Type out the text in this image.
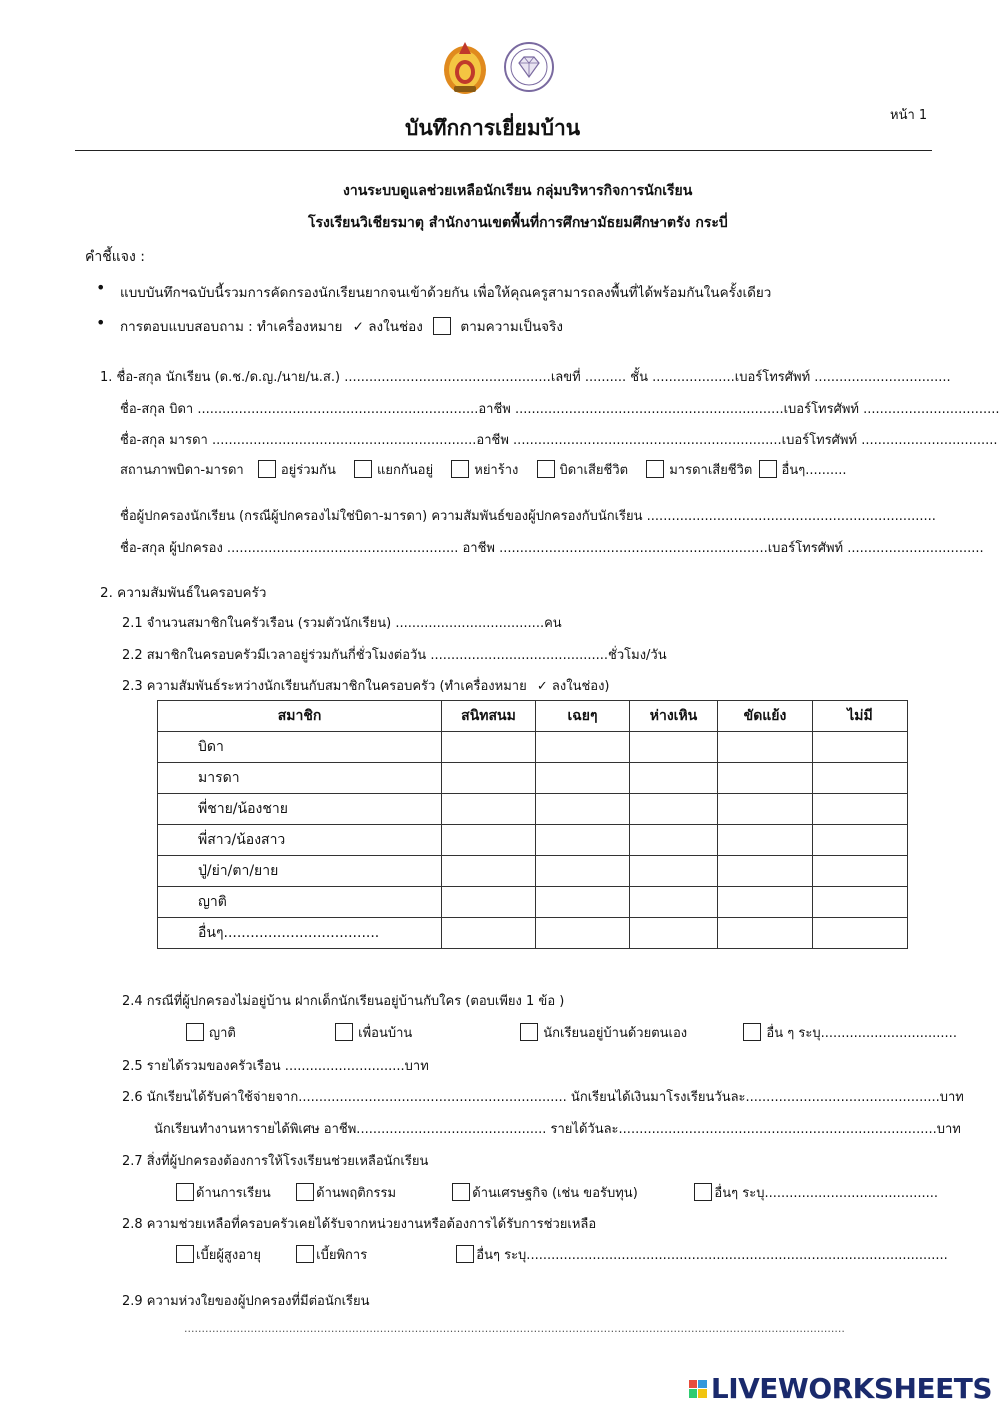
บันทึกการเยี่ยมบ้าน
หน้า 1
งานระบบดูแลช่วยเหลือนักเรียน กลุ่มบริหารกิจการนักเรียน
โรงเรียนวิเชียรมาตุ สำนักงานเขตพื้นที่การศึกษามัธยมศึกษาตรัง กระบี่
คำชี้แจง :
• แบบบันทึกฯฉบับนี้รวมการคัดกรองนักเรียนยากจนเข้าด้วยกัน เพื่อให้คุณครูสามารถลงพื้นที่ได้พร้อมกันในครั้งเดียว
• การตอบแบบสอบถาม : ทำเครื่องหมาย ✓ ลงในช่อง	ตามความเป็นจริง
1. ชื่อ-สกุล นักเรียน (ด.ช./ด.ญ./นาย/น.ส.) ..................................................เลขที่ .......... ชั้น ....................เบอร์โทรศัพท์ .................................
ชื่อ-สกุล บิดา ....................................................................อาชีพ .................................................................เบอร์โทรศัพท์ .................................
ชื่อ-สกุล มารดา ................................................................อาชีพ .................................................................เบอร์โทรศัพท์ .................................
สถานภาพบิดา-มารดา	อยู่ร่วมกัน	แยกกันอยู่	หย่าร้าง	บิดาเสียชีวิต	มารดาเสียชีวิต อื่นๆ..........
ชื่อผู้ปกครองนักเรียน (กรณีผู้ปกครองไม่ใช่บิดา-มารดา) ความสัมพันธ์ของผู้ปกครองกับนักเรียน ......................................................................
ชื่อ-สกุล ผู้ปกครอง ........................................................ อาชีพ .................................................................เบอร์โทรศัพท์ .................................
2. ความสัมพันธ์ในครอบครัว
2.1 จำนวนสมาชิกในครัวเรือน (รวมตัวนักเรียน) ....................................คน
2.2 สมาชิกในครอบครัวมีเวลาอยู่ร่วมกันกี่ชั่วโมงต่อวัน ...........................................ชั่วโมง/วัน
2.3 ความสัมพันธ์ระหว่างนักเรียนกับสมาชิกในครอบครัว (ทำเครื่องหมาย ✓ ลงในช่อง)
สมาชิก	สนิทสนม	เฉยๆ	ห่างเหิน	ขัดแย้ง	ไม่มี
บิดา					
มารดา					
พี่ชาย/น้องชาย					
พี่สาว/น้องสาว					
ปู่/ย่า/ตา/ยาย					
ญาติ					
อื่นๆ...................................					
2.4 กรณีที่ผู้ปกครองไม่อยู่บ้าน ฝากเด็กนักเรียนอยู่บ้านกับใคร (ตอบเพียง 1 ข้อ )
ญาติ	เพื่อนบ้าน	นักเรียนอยู่บ้านด้วยตนเอง	อื่น ๆ ระบุ.................................
2.5 รายได้รวมของครัวเรือน .............................บาท
2.6 นักเรียนได้รับค่าใช้จ่ายจาก................................................................. นักเรียนได้เงินมาโรงเรียนวันละ...............................................บาท
นักเรียนทำงานหารายได้พิเศษ อาชีพ.............................................. รายได้วันละ.............................................................................บาท
2.7 สิ่งที่ผู้ปกครองต้องการให้โรงเรียนช่วยเหลือนักเรียน
ด้านการเรียน	ด้านพฤติกรรม	ด้านเศรษฐกิจ (เช่น ขอรับทุน)	อื่นๆ ระบุ..........................................
2.8 ความช่วยเหลือที่ครอบครัวเคยได้รับจากหน่วยงานหรือต้องการได้รับการช่วยเหลือ
เบี้ยผู้สูงอายุ	เบี้ยพิการ	อื่นๆ ระบุ......................................................................................................
2.9 ความห่วงใยของผู้ปกครองที่มีต่อนักเรียน
.............................................................................................................................................................................................
LIVEWORKSHEETS
